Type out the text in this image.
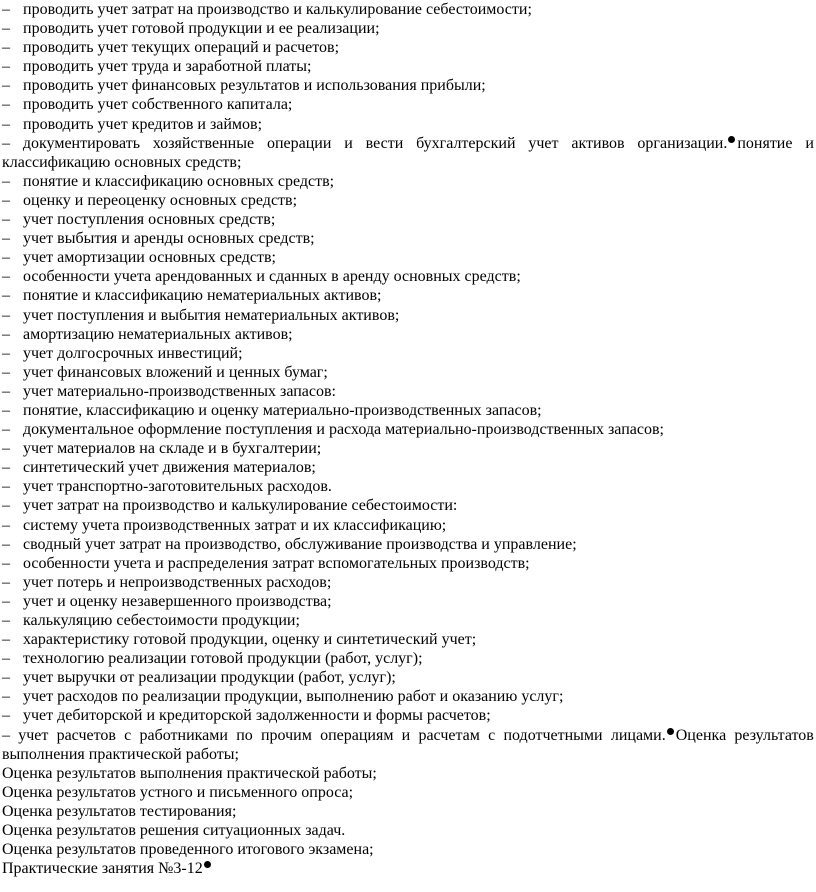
– проводить учет затрат на производство и калькулирование себестоимости;
– проводить учет готовой продукции и ее реализации;
– проводить учет текущих операций и расчетов;
– проводить учет труда и заработной платы;
– проводить учет финансовых результатов и использования прибыли;
– проводить учет собственного капитала;
– проводить учет кредитов и займов;
– документировать хозяйственные операции и вести бухгалтерский учет активов организации. понятие и
классификацию основных средств;
– понятие и классификацию основных средств;
– оценку и переоценку основных средств;
– учет поступления основных средств;
– учет выбытия и аренды основных средств;
– учет амортизации основных средств;
– особенности учета арендованных и сданных в аренду основных средств;
– понятие и классификацию нематериальных активов;
– учет поступления и выбытия нематериальных активов;
– амортизацию нематериальных активов;
– учет долгосрочных инвестиций;
– учет финансовых вложений и ценных бумаг;
– учет материально-производственных запасов:
– понятие, классификацию и оценку материально-производственных запасов;
– документальное оформление поступления и расхода материально-производственных запасов;
– учет материалов на складе и в бухгалтерии;
– синтетический учет движения материалов;
– учет транспортно-заготовительных расходов.
– учет затрат на производство и калькулирование себестоимости:
– систему учета производственных затрат и их классификацию;
– сводный учет затрат на производство, обслуживание производства и управление;
– особенности учета и распределения затрат вспомогательных производств;
– учет потерь и непроизводственных расходов;
– учет и оценку незавершенного производства;
– калькуляцию себестоимости продукции;
– характеристику готовой продукции, оценку и синтетический учет;
– технологию реализации готовой продукции (работ, услуг);
– учет выручки от реализации продукции (работ, услуг);
– учет расходов по реализации продукции, выполнению работ и оказанию услуг;
– учет дебиторской и кредиторской задолженности и формы расчетов;
– учет расчетов с работниками по прочим операциям и расчетам с подотчетными лицами. Оценка результатов
выполнения практической работы;
Оценка результатов выполнения практической работы;
Оценка результатов устного и письменного опроса;
Оценка результатов тестирования;
Оценка результатов решения ситуационных задач.
Оценка результатов проведенного итогового экзамена;
Практические занятия №3-12
